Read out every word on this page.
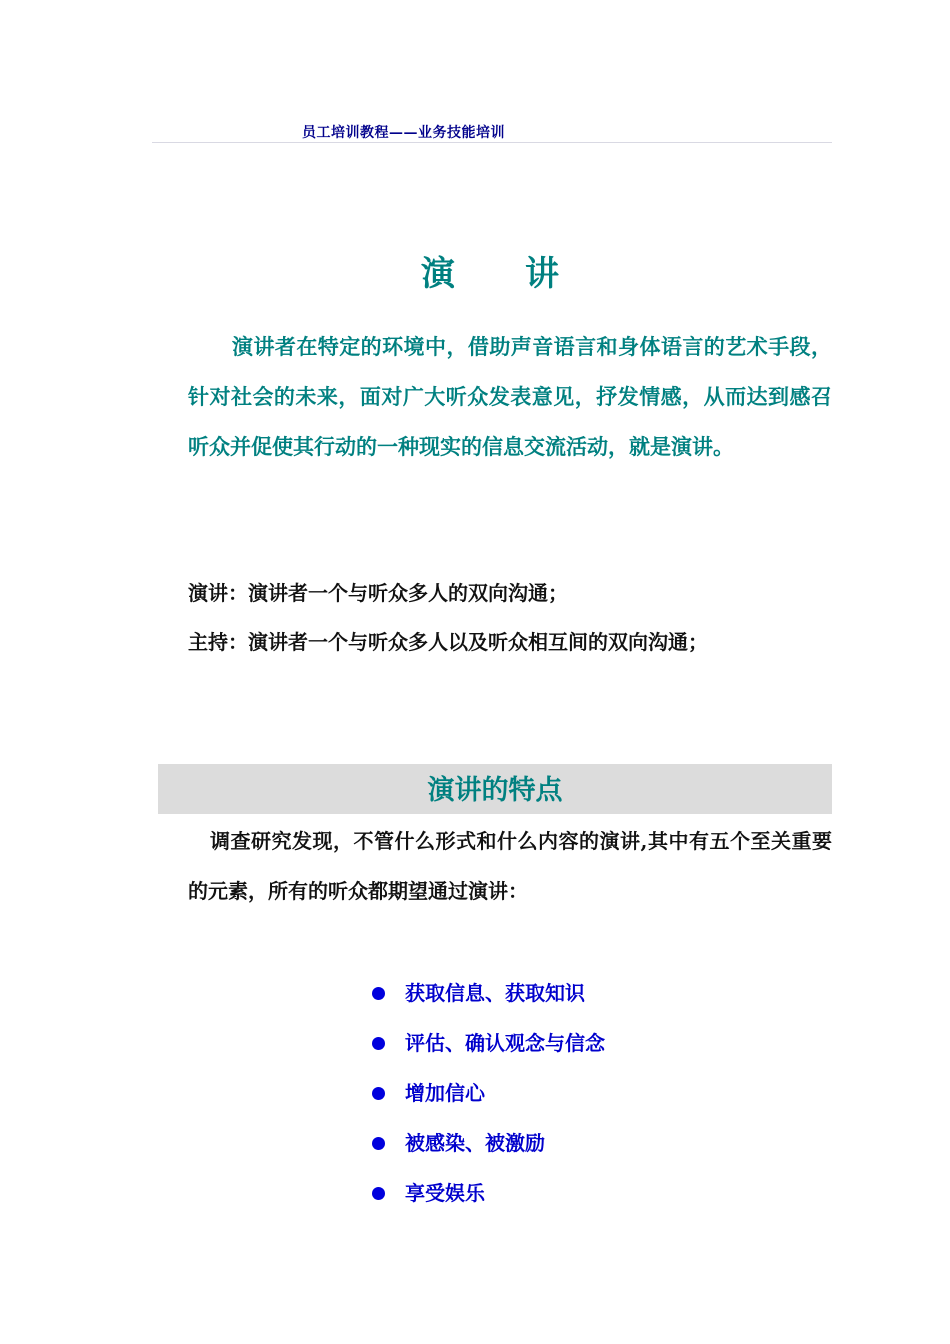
员工培训教程——业务技能培训
演 讲
演讲者在特定的环境中，借助声音语言和身体语言的艺术手段，针对社会的未来，面对广大听众发表意见，抒发情感，从而达到感召听众并促使其行动的一种现实的信息交流活动，就是演讲。
演讲：演讲者一个与听众多人的双向沟通；
主持：演讲者一个与听众多人以及听众相互间的双向沟通；
演讲的特点
调查研究发现，不管什么形式和什么内容的演讲,其中有五个至关重要的元素，所有的听众都期望通过演讲：
获取信息、获取知识
评估、确认观念与信念
增加信心
被感染、被激励
享受娱乐
